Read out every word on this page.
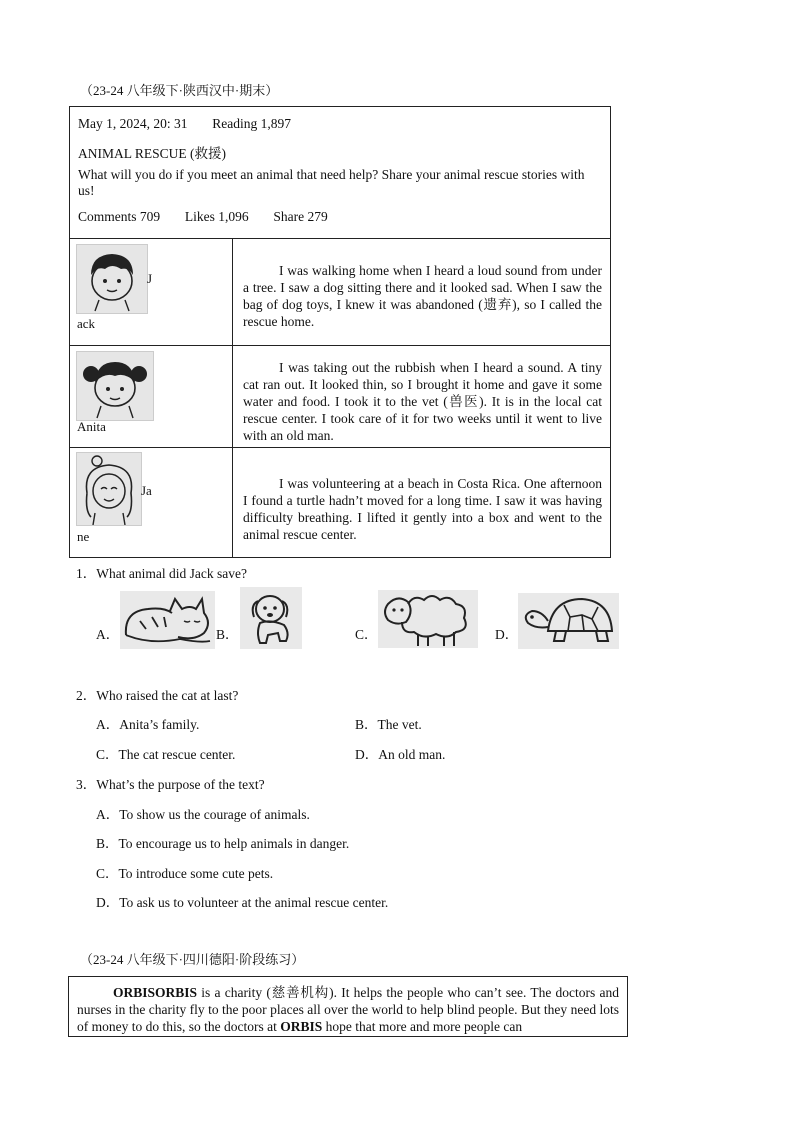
（23-24 八年级下·陕西汉中·期末）

May 1, 2024, 20: 31 Reading 1,897

ANIMAL RESCUE (救援)

What will you do if you meet an animal that need help? Share your animal rescue stories with us!

Comments 709 Likes 1,096 Share 279

J
ack

I was walking home when I heard a loud sound from under a tree. I saw a dog sitting there and it looked sad. When I saw the bag of dog toys, I knew it was abandoned (遗弃), so I called the rescue home.

Anita

I was taking out the rubbish when I heard a sound. A tiny cat ran out. It looked thin, so I brought it home and gave it some water and food. I took it to the vet (兽医). It is in the local cat rescue center. I took care of it for two weeks until it went to live with an old man.

Ja
ne

I was volunteering at a beach in Costa Rica. One afternoon I found a turtle hadn’t moved for a long time. I saw it was having difficulty breathing. I lifted it gently into a box and went to the animal rescue center.

1．What animal did Jack save?
A．	B．	C．	D．
2．Who raised the cat at last?
A．Anita’s family.	B．The vet.
C．The cat rescue center.	D．An old man.
3．What’s the purpose of the text?
A．To show us the courage of animals.
B．To encourage us to help animals in danger.
C．To introduce some cute pets.
D．To ask us to volunteer at the animal rescue center.
（23-24 八年级下·四川德阳·阶段练习）

ORBISORBIS is a charity (慈善机构). It helps the people who can’t see. The doctors and nurses in the charity fly to the poor places all over the world to help blind people. But they need lots of money to do this, so the doctors at ORBIS hope that more and more people can
